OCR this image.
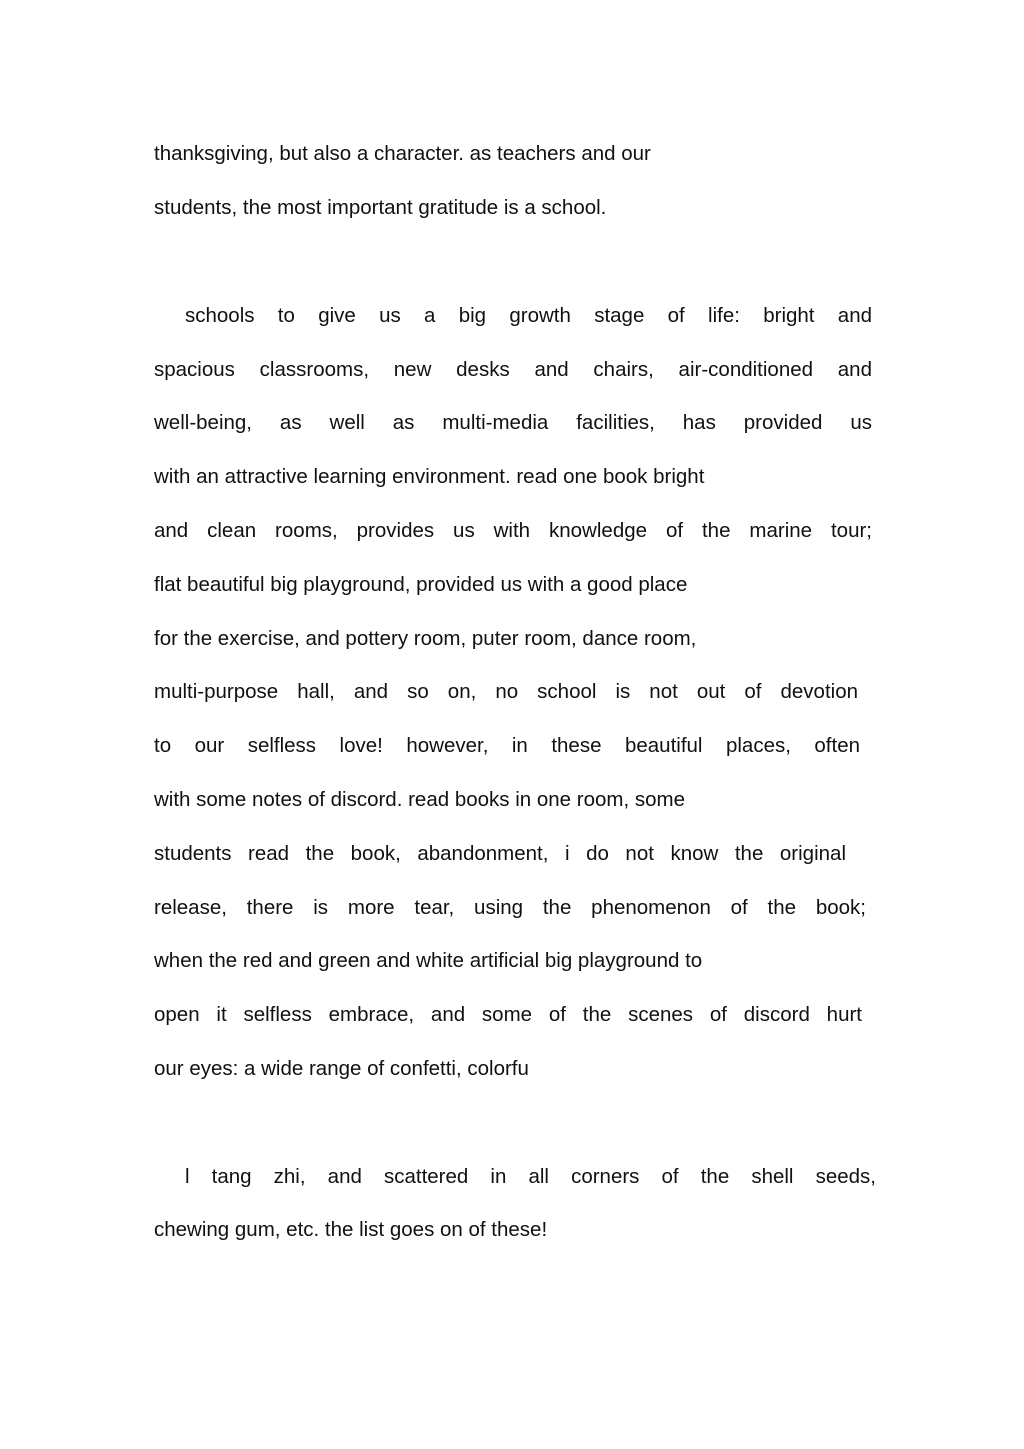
thanksgiving, but also a character. as teachers and our

students, the most important gratitude is a school.

schools to give us a big growth stage of life: bright and

spacious classrooms, new desks and chairs, air-conditioned and

well-being, as well as multi-media facilities, has provided us

with an attractive learning environment. read one book bright

and clean rooms, provides us with knowledge of the marine tour;

flat beautiful big playground, provided us with a good place

for the exercise, and pottery room, puter room, dance room,

multi-purpose hall, and so on, no school is not out of devotion

to our selfless love! however, in these beautiful places, often

with some notes of discord. read books in one room, some

students read the book, abandonment, i do not know the original

release, there is more tear, using the phenomenon of the book;

when the red and green and white artificial big playground to

open it selfless embrace, and some of the scenes of discord hurt

our eyes: a wide range of confetti, colorfu

l tang zhi, and scattered in all corners of the shell seeds,

chewing gum, etc. the list goes on of these!
